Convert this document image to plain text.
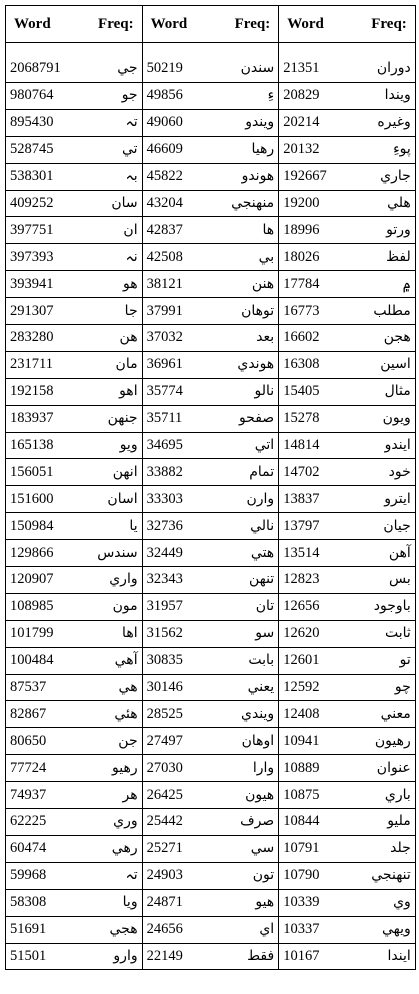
Word Freq:	Word Freq:	Word Freq:

2068791 جي	50219 سندن	21351 دوران

980764 جو	49856 ءِ	20829 ويندا

895430 تہ	49060 ويندو	20214 وغيره

528745 تي	46609 رهيا	20132 پوءِ

538301 بہ	45822 هوندو	192667 جاري

409252 سان	43204 منهنجي	19200 هلي

397751 ان	42837 ها	18996 ورتو

397393 نہ	42508 بي	18026 لفظ

393941 هو	38121 هنن	17784 ۾

291307 جا	37991 توهان	16773 مطلب

283280 هن	37032 بعد	16602 هجن

231711 مان	36961 هوندي	16308 اسين

192158 اهو	35774 نالو	15405 مثال

183937 جنهن	35711 صفحو	15278 ويون

165138 ويو	34695 اتي	14814 ايندو

156051 انهن	33882 تمام	14702 خود

151600 اسان	33303 وارن	13837 ايترو

150984 يا	32736 نالي	13797 جيان

129866 سندس	32449 هتي	13514 آهن

120907 واري	32343 تنهن	12823 بس

108985 مون	31957 تان	12656 باوجود

101799 اها	31562 سو	12620 ثابت

100484 آهي	30835 بابت	12601 تو

87537 هي	30146 يعني	12592 چو

82867 هئي	28525 ويندي	12408 معني

80650 جن	27497 اوهان	10941 رهيون

77724 رهيو	27030 وارا	10889 عنوان

74937 هر	26425 هيون	10875 باري

62225 وري	25442 صرف	10844 مليو

60474 رهي	25271 سي	10791 جلد

59968 تہ	24903 تون	10790 تنهنجي

58308 ويا	24871 هيو	10339 وي

51691 هجي	24656 اي	10337 ويهي

51501 وارو	22149 فقط	10167 ايندا
